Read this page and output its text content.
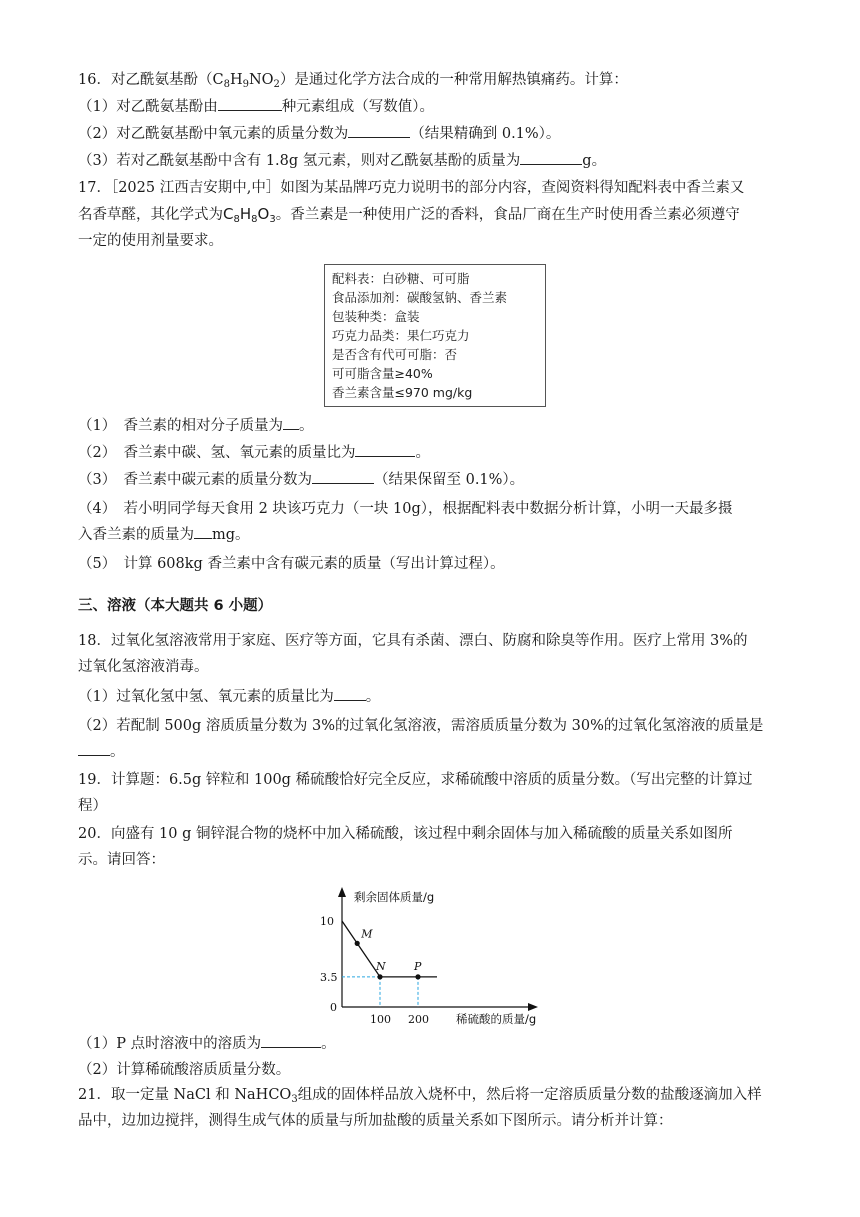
16．对乙酰氨基酚$(C_8H_9NO_2)$是通过化学方法合成的一种常用解热镇痛药。计算：

（1）对乙酰氨基酚由	种元素组成（写数值）。

（2）对乙酰氨基酚中氧元素的质量分数为	（结果精确到 0.1%）。

（3）若对乙酰氨基酚中含有 1.8g 氢元素，则对乙酰氨基酚的质量为	g。

17．［2025 江西吉安期中,中］如图为某品牌巧克力说明书的部分内容，查阅资料得知配料表中香兰素又

名香草醛，其化学式为$C_8H_8O_3$。香兰素是一种使用广泛的香料，食品厂商在生产时使用香兰素必须遵守

一定的使用剂量要求。

配料表：白砂糖、可可脂
食品添加剂：碳酸氢钠、香兰素
包装种类：盒装
巧克力品类：果仁巧克力
是否含有代可可脂：否
可可脂含量≥40%
香兰素含量≤970 mg/kg

（1）　香兰素的相对分子质量为 。

（2）　香兰素中碳、氢、氧元素的质量比为	。

（3）　香兰素中碳元素的质量分数为	（结果保留至 0.1%）。

（4）　若小明同学每天食用 2 块该巧克力（一块 10g），根据配料表中数据分析计算，小明一天最多摄

入香兰素的质量为 mg。

（5）　计算 608kg 香兰素中含有碳元素的质量（写出计算过程）。

三、溶液（本大题共 6 小题）

18．过氧化氢溶液常用于家庭、医疗等方面，它具有杀菌、漂白、防腐和除臭等作用。医疗上常用 3%的

过氧化氢溶液消毒。

（1）过氧化氢中氢、氧元素的质量比为 。

（2）若配制 500g 溶质质量分数为 3%的过氧化氢溶液，需溶质质量分数为 30%的过氧化氢溶液的质量是

。

19．计算题：6.5g 锌粒和 100g 稀硫酸恰好完全反应，求稀硫酸中溶质的质量分数。（写出完整的计算过

程）

20．向盛有 10 g 铜锌混合物的烧杯中加入稀硫酸，该过程中剩余固体与加入稀硫酸的质量关系如图所

示。请回答：

剩余固体质量/g
稀硫酸的质量/g
0
10
3.5
100 200
M
N	P

（1）P 点时溶液中的溶质为	。

（2）计算稀硫酸溶质质量分数。

21．取一定量 NaCl 和 NaHCO$_3$组成的固体样品放入烧杯中，然后将一定溶质质量分数的盐酸逐滴加入样

品中，边加边搅拌，测得生成气体的质量与所加盐酸的质量关系如下图所示。请分析并计算：
